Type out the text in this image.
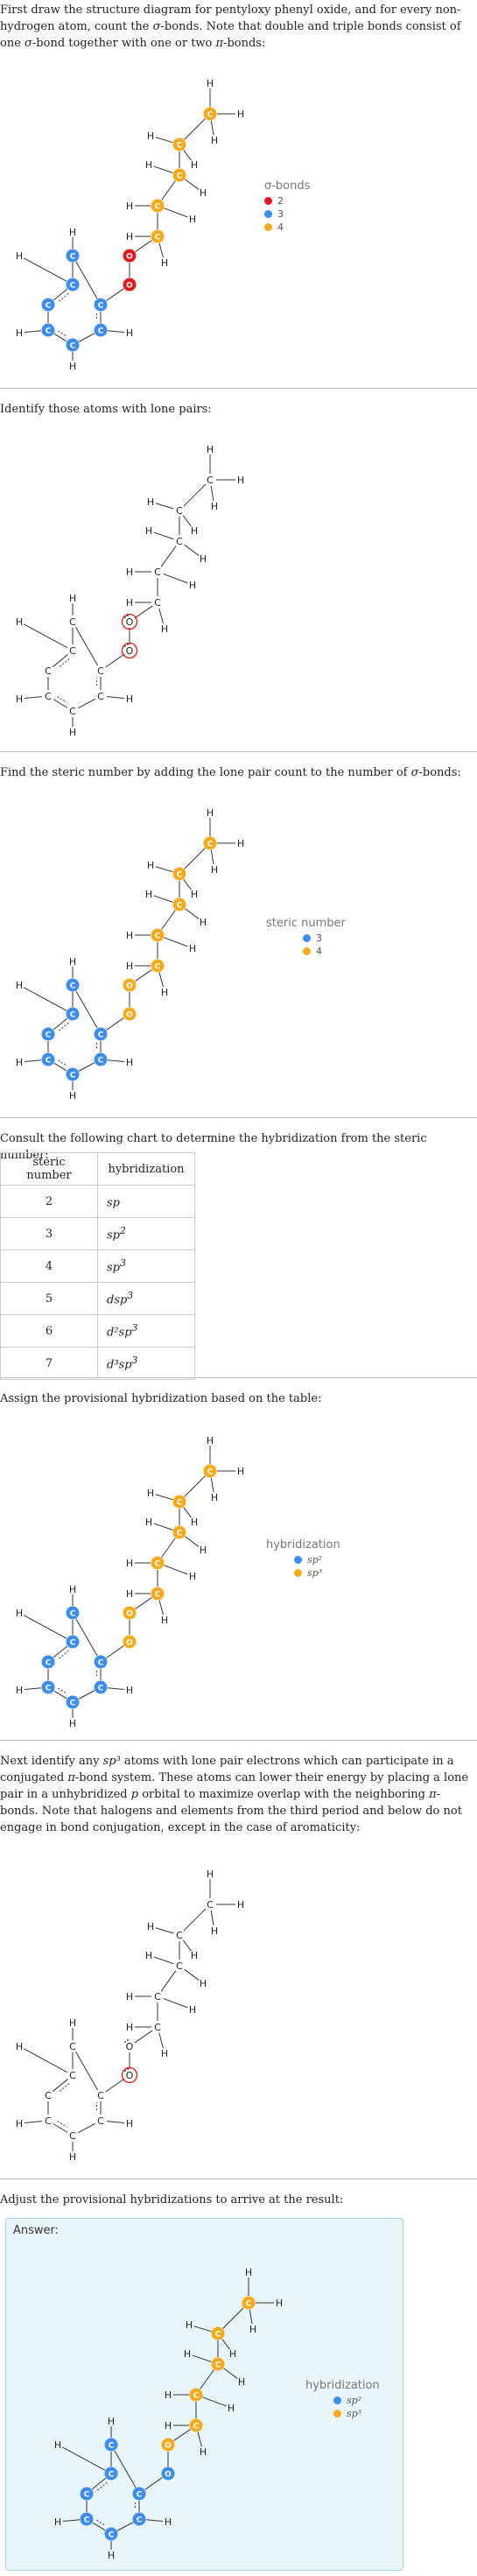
First draw the structure diagram for pentyloxy phenyl oxide, and for every non-hydrogen atom, count the σ-bonds. Note that double and triple bonds consist of one σ-bond together with one or two π-bonds:

C
C
C
C
C
C
C
O
O
C
C
C
C
C
H
H
H
H
H
H
H
H
H
H
H
H
H
H
H
H
σ-bonds
2
3
4

Identify those atoms with lone pairs:

C
C
C
C
C
C
C
O
O
C
C
C
C
C
H
H
H
H
H
H
H
H
H
H
H
H
H
H
H
H

Find the steric number by adding the lone pair count to the number of σ-bonds:

C
C
C
C
C
C
C
O
O
C
C
C
C
C
H
H
H
H
H
H
H
H
H
H
H
H
H
H
H
H
steric number
3
4

Consult the following chart to determine the hybridization from the steric number:

steric number	hybridization
2	sp
3	$sp^2$
4	$sp^3$
5	dsp$^3$
6	$d^2sp^3$
7	$d^3sp^3$

Assign the provisional hybridization based on the table:

C
C
C
C
C
C
C
O
O
C
C
C
C
C
H
H
H
H
H
H
H
H
H
H
H
H
H
H
H
H
hybridization
sp²
sp³

Next identify any sp³ atoms with lone pair electrons which can participate in a conjugated π-bond system. These atoms can lower their energy by placing a lone pair in a unhybridized p orbital to maximize overlap with the neighboring π-bonds. Note that halogens and elements from the third period and below do not engage in bond conjugation, except in the case of aromaticity:

C
C
C
C
C
C
C
O
O
C
C
C
C
C
H
H
H
H
H
H
H
H
H
H
H
H
H
H
H
H

Adjust the provisional hybridizations to arrive at the result:

Answer:
C
C
C
C
C
C
C
O
O
C
C
C
C
C
H
H
H
H
H
H
H
H
H
H
H
H
H
H
H
H
hybridization
sp²
sp³
